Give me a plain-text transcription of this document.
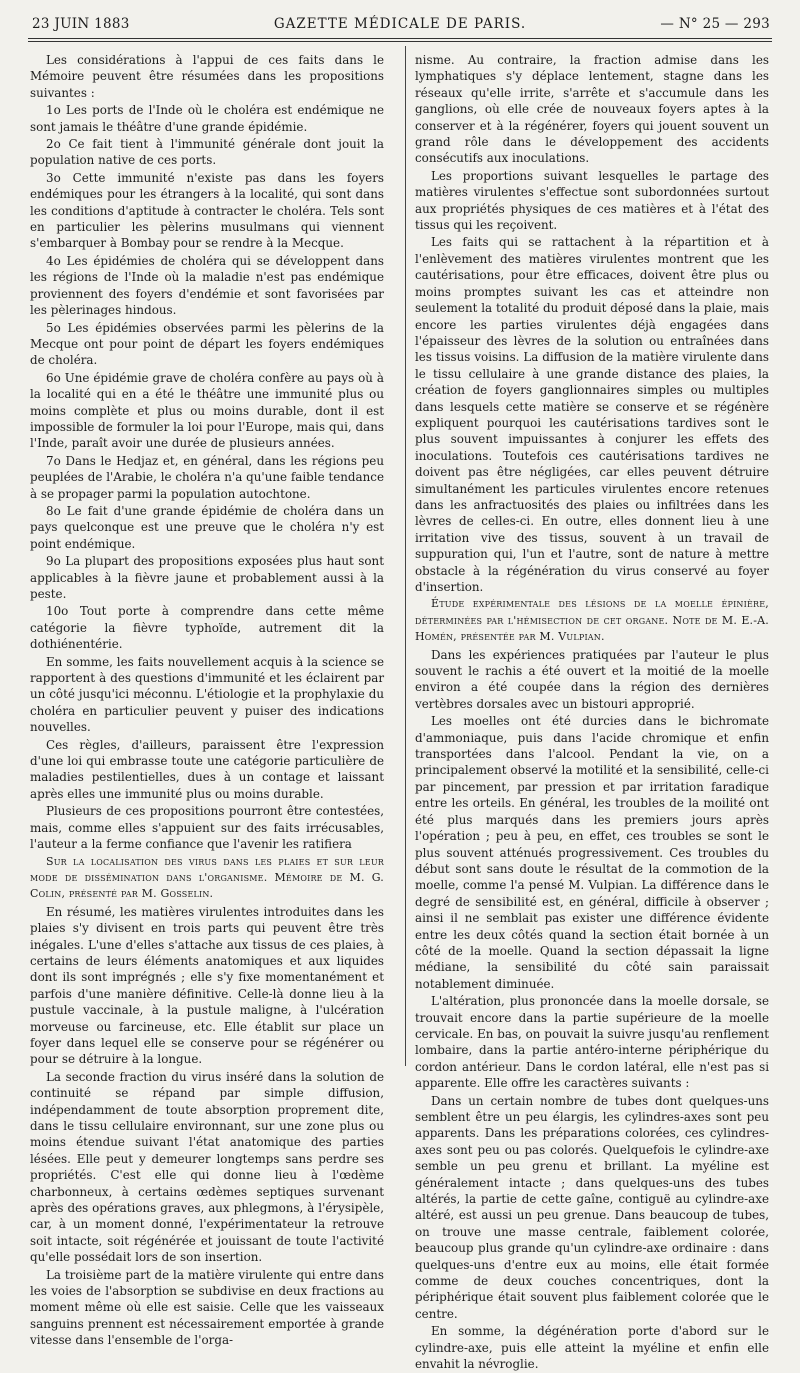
23 JUIN 1883	GAZETTE MÉDICALE DE PARIS.	— N° 25 — 293

Les considérations à l'appui de ces faits dans le Mémoire peuvent être résumées dans les propositions suivantes :

1o Les ports de l'Inde où le choléra est endémique ne sont jamais le théâtre d'une grande épidémie.

2o Ce fait tient à l'immunité générale dont jouit la population native de ces ports.

3o Cette immunité n'existe pas dans les foyers endémiques pour les étrangers à la localité, qui sont dans les conditions d'aptitude à contracter le choléra. Tels sont en particulier les pèlerins musulmans qui viennent s'embarquer à Bombay pour se rendre à la Mecque.

4o Les épidémies de choléra qui se développent dans les régions de l'Inde où la maladie n'est pas endémique proviennent des foyers d'endémie et sont favorisées par les pèlerinages hindous.

5o Les épidémies observées parmi les pèlerins de la Mecque ont pour point de départ les foyers endémiques de choléra.

6o Une épidémie grave de choléra confère au pays où à la localité qui en a été le théâtre une immunité plus ou moins complète et plus ou moins durable, dont il est impossible de formuler la loi pour l'Europe, mais qui, dans l'Inde, paraît avoir une durée de plusieurs années.

7o Dans le Hedjaz et, en général, dans les régions peu peuplées de l'Arabie, le choléra n'a qu'une faible tendance à se propager parmi la population autochtone.

8o Le fait d'une grande épidémie de choléra dans un pays quelconque est une preuve que le choléra n'y est point endémique.

9o La plupart des propositions exposées plus haut sont applicables à la fièvre jaune et probablement aussi à la peste.

10o Tout porte à comprendre dans cette même catégorie la fièvre typhoïde, autrement dit la dothiénentérie.

En somme, les faits nouvellement acquis à la science se rapportent à des questions d'immunité et les éclairent par un côté jusqu'ici méconnu. L'étiologie et la prophylaxie du choléra en particulier peuvent y puiser des indications nouvelles.

Ces règles, d'ailleurs, paraissent être l'expression d'une loi qui embrasse toute une catégorie particulière de maladies pestilentielles, dues à un contage et laissant après elles une immunité plus ou moins durable.

Plusieurs de ces propositions pourront être contestées, mais, comme elles s'appuient sur des faits irrécusables, l'auteur a la ferme confiance que l'avenir les ratifiera

Sur la localisation des virus dans les plaies et sur leur mode de dissémination dans l'organisme. Mémoire de M. G. Colin, présenté par M. Gosselin.

En résumé, les matières virulentes introduites dans les plaies s'y divisent en trois parts qui peuvent être très inégales. L'une d'elles s'attache aux tissus de ces plaies, à certains de leurs éléments anatomiques et aux liquides dont ils sont imprégnés ; elle s'y fixe momentanément et parfois d'une manière définitive. Celle-là donne lieu à la pustule vaccinale, à la pustule maligne, à l'ulcération morveuse ou farcineuse, etc. Elle établit sur place un foyer dans lequel elle se conserve pour se régénérer ou pour se détruire à la longue.

La seconde fraction du virus inséré dans la solution de continuité se répand par simple diffusion, indépendamment de toute absorption proprement dite, dans le tissu cellulaire environnant, sur une zone plus ou moins étendue suivant l'état anatomique des parties lésées. Elle peut y demeurer longtemps sans perdre ses propriétés. C'est elle qui donne lieu à l'œdème charbonneux, à certains œdèmes septiques survenant après des opérations graves, aux phlegmons, à l'érysipèle, car, à un moment donné, l'expérimentateur la retrouve soit intacte, soit régénérée et jouissant de toute l'activité qu'elle possédait lors de son insertion.

La troisième part de la matière virulente qui entre dans les voies de l'absorption se subdivise en deux fractions au moment même où elle est saisie. Celle que les vaisseaux sanguins prennent est nécessairement emportée à grande vitesse dans l'ensemble de l'orga-

nisme. Au contraire, la fraction admise dans les lymphatiques s'y déplace lentement, stagne dans les réseaux qu'elle irrite, s'arrête et s'accumule dans les ganglions, où elle crée de nouveaux foyers aptes à la conserver et à la régénérer, foyers qui jouent souvent un grand rôle dans le développement des accidents consécutifs aux inoculations.

Les proportions suivant lesquelles le partage des matières virulentes s'effectue sont subordonnées surtout aux propriétés physiques de ces matières et à l'état des tissus qui les reçoivent.

Les faits qui se rattachent à la répartition et à l'enlèvement des matières virulentes montrent que les cautérisations, pour être efficaces, doivent être plus ou moins promptes suivant les cas et atteindre non seulement la totalité du produit déposé dans la plaie, mais encore les parties virulentes déjà engagées dans l'épaisseur des lèvres de la solution ou entraînées dans les tissus voisins. La diffusion de la matière virulente dans le tissu cellulaire à une grande distance des plaies, la création de foyers ganglionnaires simples ou multiples dans lesquels cette matière se conserve et se régénère expliquent pourquoi les cautérisations tardives sont le plus souvent impuissantes à conjurer les effets des inoculations. Toutefois ces cautérisations tardives ne doivent pas être négligées, car elles peuvent détruire simultanément les particules virulentes encore retenues dans les anfractuosités des plaies ou infiltrées dans les lèvres de celles-ci. En outre, elles donnent lieu à une irritation vive des tissus, souvent à un travail de suppuration qui, l'un et l'autre, sont de nature à mettre obstacle à la régénération du virus conservé au foyer d'insertion.

Étude expérimentale des lésions de la moelle épinière, déterminées par l'hémisection de cet organe. Note de M. E.-A. Homén, présentée par M. Vulpian.

Dans les expériences pratiquées par l'auteur le plus souvent le rachis a été ouvert et la moitié de la moelle environ a été coupée dans la région des dernières vertèbres dorsales avec un bistouri approprié.

Les moelles ont été durcies dans le bichromate d'ammoniaque, puis dans l'acide chromique et enfin transportées dans l'alcool. Pendant la vie, on a principalement observé la motilité et la sensibilité, celle-ci par pincement, par pression et par irritation faradique entre les orteils. En général, les troubles de la moilité ont été plus marqués dans les premiers jours après l'opération ; peu à peu, en effet, ces troubles se sont le plus souvent atténués progressivement. Ces troubles du début sont sans doute le résultat de la commotion de la moelle, comme l'a pensé M. Vulpian. La différence dans le degré de sensibilité est, en général, difficile à observer ; ainsi il ne semblait pas exister une différence évidente entre les deux côtés quand la section était bornée à un côté de la moelle. Quand la section dépassait la ligne médiane, la sensibilité du côté sain paraissait notablement diminuée.

L'altération, plus prononcée dans la moelle dorsale, se trouvait encore dans la partie supérieure de la moelle cervicale. En bas, on pouvait la suivre jusqu'au renflement lombaire, dans la partie antéro-interne périphérique du cordon antérieur. Dans le cordon latéral, elle n'est pas si apparente. Elle offre les caractères suivants :

Dans un certain nombre de tubes dont quelques-uns semblent être un peu élargis, les cylindres-axes sont peu apparents. Dans les préparations colorées, ces cylindres-axes sont peu ou pas colorés. Quelquefois le cylindre-axe semble un peu grenu et brillant. La myéline est généralement intacte ; dans quelques-uns des tubes altérés, la partie de cette gaîne, contiguë au cylindre-axe altéré, est aussi un peu grenue. Dans beaucoup de tubes, on trouve une masse centrale, faiblement colorée, beaucoup plus grande qu'un cylindre-axe ordinaire : dans quelques-uns d'entre eux au moins, elle était formée comme de deux couches concentriques, dont la périphérique était souvent plus faiblement colorée que le centre.

En somme, la dégénération porte d'abord sur le cylindre-axe, puis elle atteint la myéline et enfin elle envahit la névroglie.
